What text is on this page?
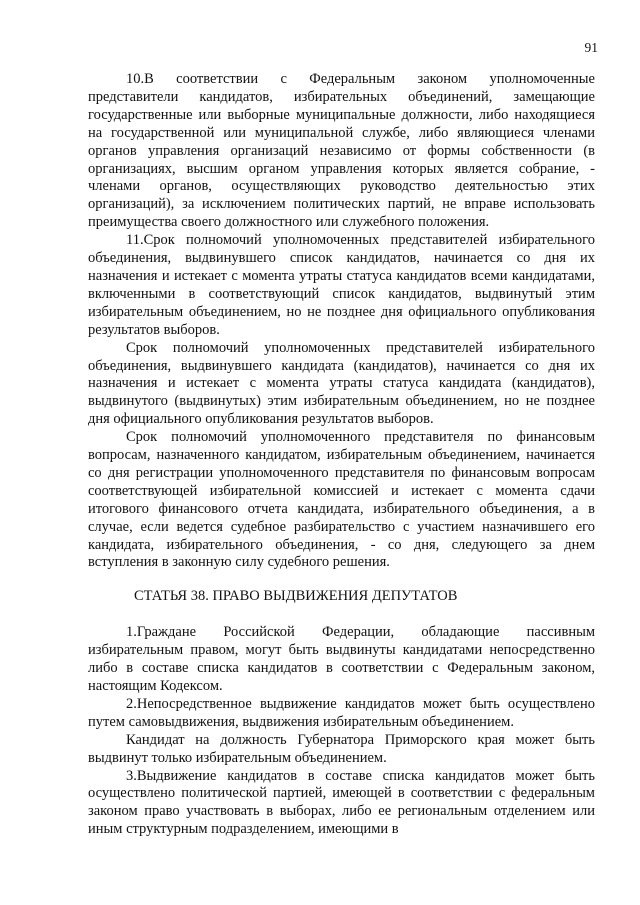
91

10.В соответствии с Федеральным законом уполномоченные представители кандидатов, избирательных объединений, замещающие государственные или выборные муниципальные должности, либо находящиеся на государственной или муниципальной службе, либо являющиеся членами органов управления организаций независимо от формы собственности (в организациях, высшим органом управления которых является собрание, - членами органов, осуществляющих руководство деятельностью этих организаций), за исключением политических партий, не вправе использовать преимущества своего должностного или служебного положения.

11.Срок полномочий уполномоченных представителей избирательного объединения, выдвинувшего список кандидатов, начинается со дня их назначения и истекает с момента утраты статуса кандидатов всеми кандидатами, включенными в соответствующий список кандидатов, выдвинутый этим избирательным объединением, но не позднее дня официального опубликования результатов выборов.

Срок полномочий уполномоченных представителей избирательного объединения, выдвинувшего кандидата (кандидатов), начинается со дня их назначения и истекает с момента утраты статуса кандидата (кандидатов), выдвинутого (выдвинутых) этим избирательным объединением, но не позднее дня официального опубликования результатов выборов.

Срок полномочий уполномоченного представителя по финансовым вопросам, назначенного кандидатом, избирательным объединением, начинается со дня регистрации уполномоченного представителя по финансовым вопросам соответствующей избирательной комиссией и истекает с момента сдачи итогового финансового отчета кандидата, избирательного объединения, а в случае, если ведется судебное разбирательство с участием назначившего его кандидата, избирательного объединения, - со дня, следующего за днем вступления в законную силу судебного решения.

СТАТЬЯ 38. ПРАВО ВЫДВИЖЕНИЯ ДЕПУТАТОВ

1.Граждане Российской Федерации, обладающие пассивным избирательным правом, могут быть выдвинуты кандидатами непосредственно либо в составе списка кандидатов в соответствии с Федеральным законом, настоящим Кодексом.

2.Непосредственное выдвижение кандидатов может быть осуществлено путем самовыдвижения, выдвижения избирательным объединением.

Кандидат на должность Губернатора Приморского края может быть выдвинут только избирательным объединением.

3.Выдвижение кандидатов в составе списка кандидатов может быть осуществлено политической партией, имеющей в соответствии с федеральным законом право участвовать в выборах, либо ее региональным отделением или иным структурным подразделением, имеющими в
